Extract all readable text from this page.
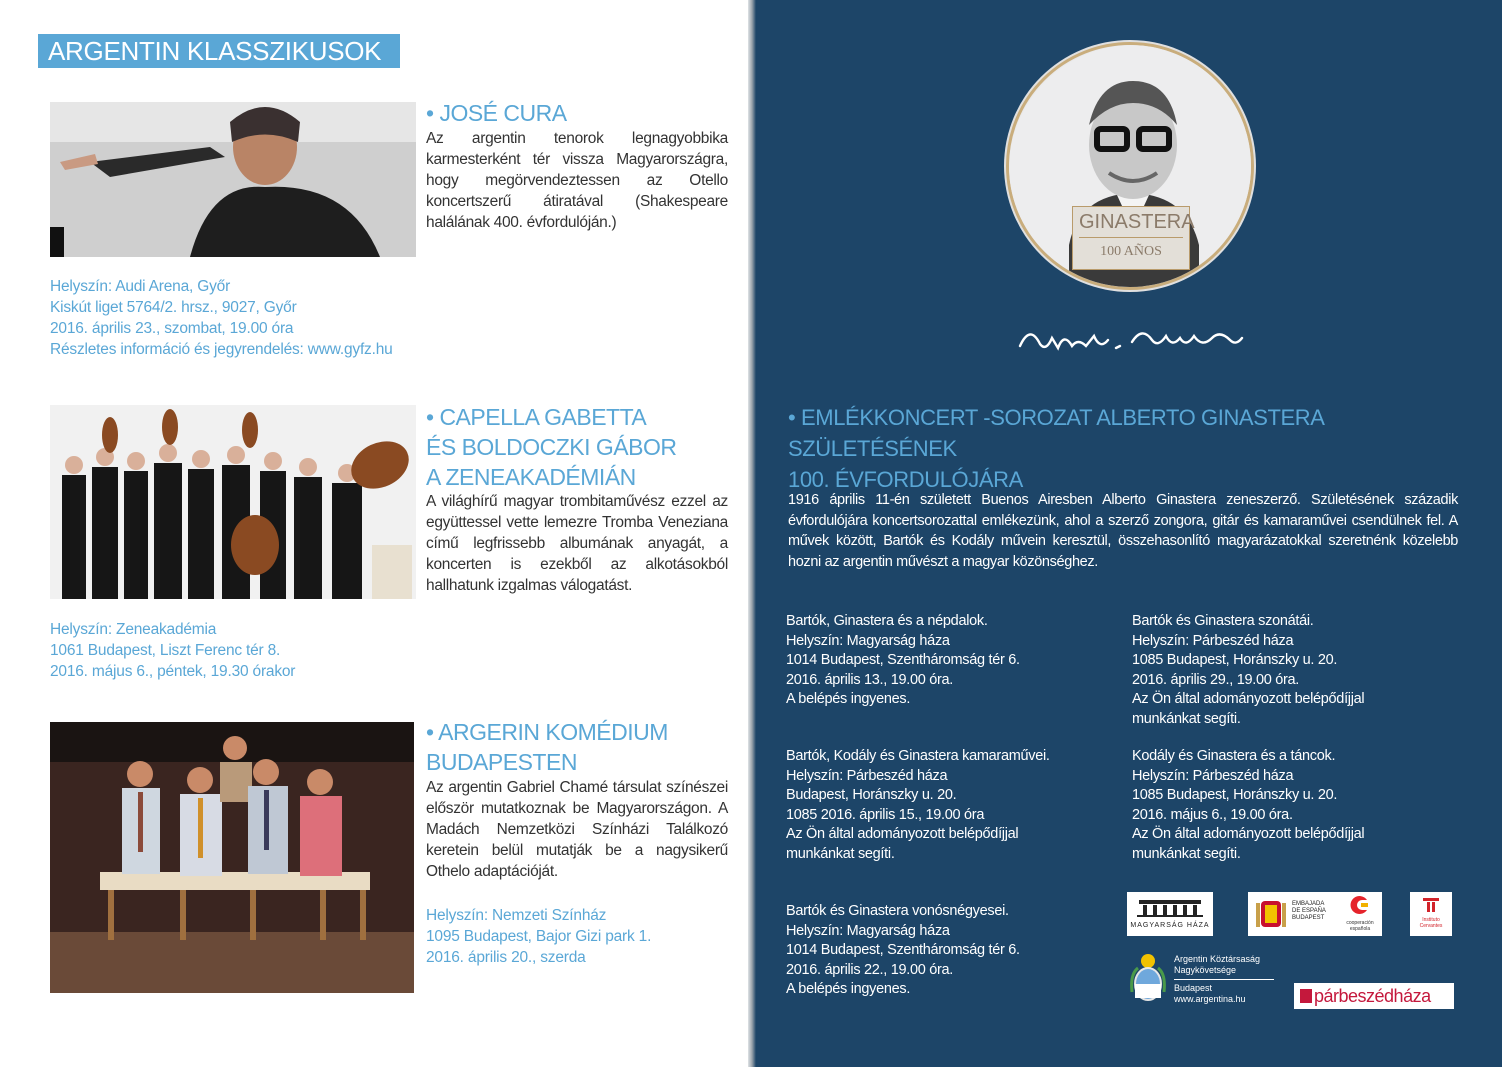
ARGENTIN KLASSZIKUSOK
• JOSÉ CURA
Az argentin tenorok legnagyobbika karmesterként tér vissza Magyarországra, hogy megörvendeztessen az Otello koncertszerű átiratával (Shakespeare halálának 400. évfordulóján.)
Helyszín: Audi Arena, Győr
Kiskút liget 5764/2. hrsz., 9027, Győr
2016. április 23., szombat, 19.00 óra
Részletes információ és jegyrendelés: www.gyfz.hu
• CAPELLA GABETTA
ÉS BOLDOCZKI GÁBOR
A ZENEAKADÉMIÁN
A világhírű magyar trombitaművész ezzel az együttessel vette lemezre Tromba Veneziana című legfrissebb albumának anyagát, a koncerten is ezekből az alkotásokból hallhatunk izgalmas válogatást.
Helyszín: Zeneakadémia
1061 Budapest, Liszt Ferenc tér 8.
2016. május 6., péntek, 19.30 órakor
• ARGERIN KOMÉDIUM
BUDAPESTEN
Az argentin Gabriel Chamé társulat színészei először mutatkoznak be Magyarországon. A Madách Nemzetközi Színházi Találkozó keretein belül mutatják be a nagysikerű Othelo adaptációját.
Helyszín: Nemzeti Színház
1095 Budapest, Bajor Gizi park 1.
2016. április 20., szerda
GINASTERA
100 AÑOS
• EMLÉKKONCERT -SOROZAT ALBERTO GINASTERA SZÜLETÉSÉNEK
100. ÉVFORDULÓJÁRA
1916 április 11-én született Buenos Airesben Alberto Ginastera zeneszerző. Születésének századik évfordulójára koncertsorozattal emlékezünk, ahol a szerző zongora, gitár és kamaraművei csendülnek fel. A művek között, Bartók és Kodály művein keresztül, összehasonlító magyarázatokkal szeretnénk közelebb hozni az argentin művészt a magyar közönséghez.
Bartók, Ginastera és a népdalok.
Helyszín: Magyarság háza
1014 Budapest, Szentháromság tér 6.
2016. április 13., 19.00 óra.
A belépés ingyenes.
Bartók és Ginastera szonátái.
Helyszín: Párbeszéd háza
1085 Budapest, Horánszky u. 20.
2016. április 29., 19.00 óra.
Az Ön által adományozott belépődíjjal
munkánkat segíti.
Bartók, Kodály és Ginastera kamaraművei.
Helyszín: Párbeszéd háza
Budapest, Horánszky u. 20.
1085 2016. április 15., 19.00 óra
Az Ön által adományozott belépődíjjal
munkánkat segíti.
Kodály és Ginastera és a táncok.
Helyszín: Párbeszéd háza
1085 Budapest, Horánszky u. 20.
2016. május 6., 19.00 óra.
Az Ön által adományozott belépődíjjal
munkánkat segíti.
Bartók és Ginastera vonósnégyesei.
Helyszín: Magyarság háza
1014 Budapest, Szentháromság tér 6.
2016. április 22., 19.00 óra.
A belépés ingyenes.
MAGYARSÁG HÁZA
EMBAJADA
DE ESPAÑA
BUDAPEST
cooperación española
Instituto
Cervantes
Argentin Köztársaság
Nagykövetsége
Budapest
www.argentina.hu	párbeszédháza
